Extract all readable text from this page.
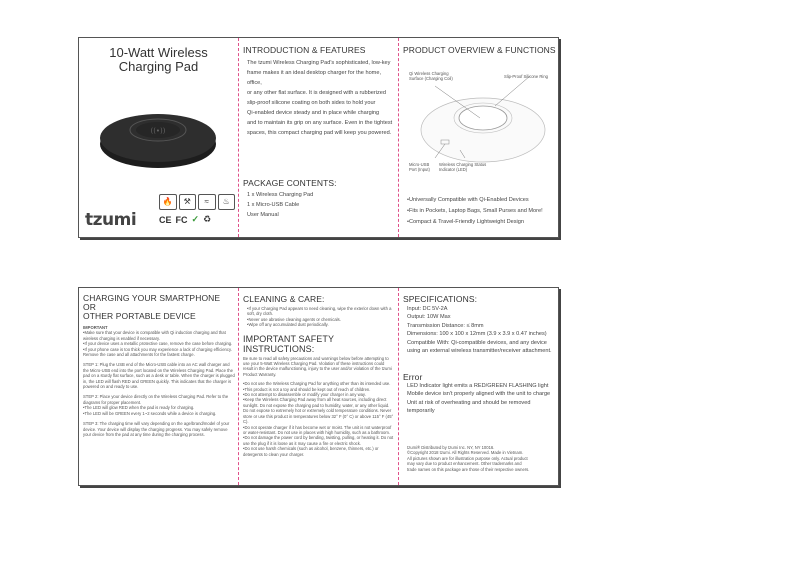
10-Watt Wireless
Charging Pad
((•))
tzumi
🔥	⚒	≈	♨
CE FC ✓ ♻
INTRODUCTION & FEATURES
The tzumi Wireless Charging Pad's sophisticated, low-key
frame makes it an ideal desktop charger for the home, office,
or any other flat surface. It is designed with a rubberized
slip-proof silicone coating on both sides to hold your
Qi-enabled device steady and in place while charging
and to maintain its grip on any surface. Even in the tightest
spaces, this compact charging pad will keep you powered.
PACKAGE CONTENTS:
1 x Wireless Charging Pad
1 x Micro-USB Cable
User Manual
PRODUCT OVERVIEW & FUNCTIONS
Qi Wireless Charging Surface (Charging Coil)	Slip-Proof Silicone Ring
Micro-USB Port (Input)
Wireless Charging Status Indicator (LED)
• Universally Compatible with Qi-Enabled Devices
• Fits in Pockets, Laptop Bags, Small Purses and More!
• Compact & Travel-Friendly Lightweight Design
CHARGING YOUR SMARTPHONE OR
OTHER PORTABLE DEVICE
IMPORTANT
• Make sure that your device is compatible with Qi induction charging and that wireless charging is enabled if necessary.
• If your device uses a metallic protective case, remove the case before charging.
• If your phone case is too thick you may experience a lack of charging efficiency. Remove the case and all attachments for the fastest charge.
STEP 1: Plug the USB end of the Micro-USB cable into an AC wall charger and the Micro-USB end into the port located on the Wireless Charging Pad. Place the pad on a sturdy flat surface, such as a desk or table. When the charger is plugged in, the LED will flash RED and GREEN quickly. This indicates that the charger is powered on and ready to use.
STEP 2: Place your device directly on the Wireless Charging Pad. Refer to the diagrams for proper placement.
• The LED will glow RED when the pad is ready for charging.
• The LED will be GREEN every 1~2 seconds while a device is charging.
STEP 3: The charging time will vary depending on the age/brand/model of your device. Your device will display the charging progress. You may safely remove your device from the pad at any time during the charging process.
CLEANING & CARE:
• If your Charging Pad appears to need cleaning, wipe the exterior down with a soft, dry cloth.
• Never use abrasive cleaning agents or chemicals.
• Wipe off any accumulated dust periodically.
IMPORTANT SAFETY INSTRUCTIONS:
Be sure to read all safety precautions and warnings below before attempting to use your 5-Watt Wireless Charging Pad. Violation of these instructions could result in the device malfunctioning, injury to the user and/or violation of the tzumi Product Warranty.
• Do not use the Wireless Charging Pad for anything other than its intended use.
• This product is not a toy and should be kept out of reach of children.
• Do not attempt to disassemble or modify your charger in any way.
• Keep the Wireless Charging Pad away from all heat sources, including direct sunlight. Do not expose the charging pad to humidity, water, or any other liquid. Do not expose to extremely hot or extremely cold temperature conditions. Never store or use this product in temperatures below 32° F (0° C) or above 115° F (45° C).
• Do not operate charger if it has become wet or moist. The unit is not waterproof or water-resistant. Do not use in places with high humidity, such as a bathroom.
• Do not damage the power cord by bending, twisting, pulling, or heating it. Do not use the plug if it is loose as it may cause a fire or electric shock.
• Do not use harsh chemicals (such as alcohol, benzene, thinners, etc.) or detergents to clean your charger.
SPECIFICATIONS:
Input: DC 5V-2A
Output: 10W Max
Transmission Distance: ≤ 8mm
Dimensions: 100 x 100 x 12mm (3.9 x 3.9 x 0.47 inches)
Compatible With: Qi-compatible devices, and any device
using an external wireless transmitter/receiver attachment.
Error
LED Indicator light emits a RED/GREEN FLASHING light
Mobile device isn't properly aligned with the unit to charge
Unit at risk of overheating and should be removed temporarily
tzumi® Distributed by tzumi Inc. NY, NY 10016.
©Copyright 2018 tzumi. All Rights Reserved. Made in Vietnam.
All pictures shown are for illustration purpose only. Actual product
may vary due to product enhancement. Other trademarks and
trade names on this package are those of their respective owners.
